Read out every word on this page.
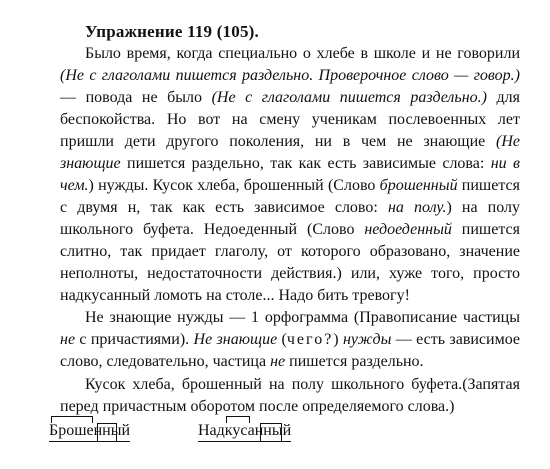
Упражнение 119 (105).
Было время, когда специально о хлебе в школе и не говорили (Не с глаголами пишется раздельно. Проверочное слово — говор.) — повода не было (Не с глаголами пишется раздельно.) для беспокойства. Но вот на смену ученикам послевоенных лет пришли дети другого поколения, ни в чем не знающие (Не знающие пишется раздельно, так как есть зависимые слова: ни в чем.) нужды. Кусок хлеба, брошенный (Слово брошенный пишется с двумя н, так как есть зависимое слово: на полу.) на полу школьного буфета. Недоеденный (Слово недоеденный пишется слитно, так придает глаголу, от которого образовано, значение неполноты, недостаточности действия.) или, хуже того, просто надкусанный ломоть на столе... Надо бить тревогу!
Не знающие нужды — 1 орфограмма (Правописание частицы не с причастиями). Не знающие (чего?) нужды — есть зависимое слово, следовательно, частица не пишется раздельно.
Кусок хлеба, брошенный на полу школьного буфета.(Запятая перед причастным оборотом после определяемого слова.)
Брошенный	Надкусанный
